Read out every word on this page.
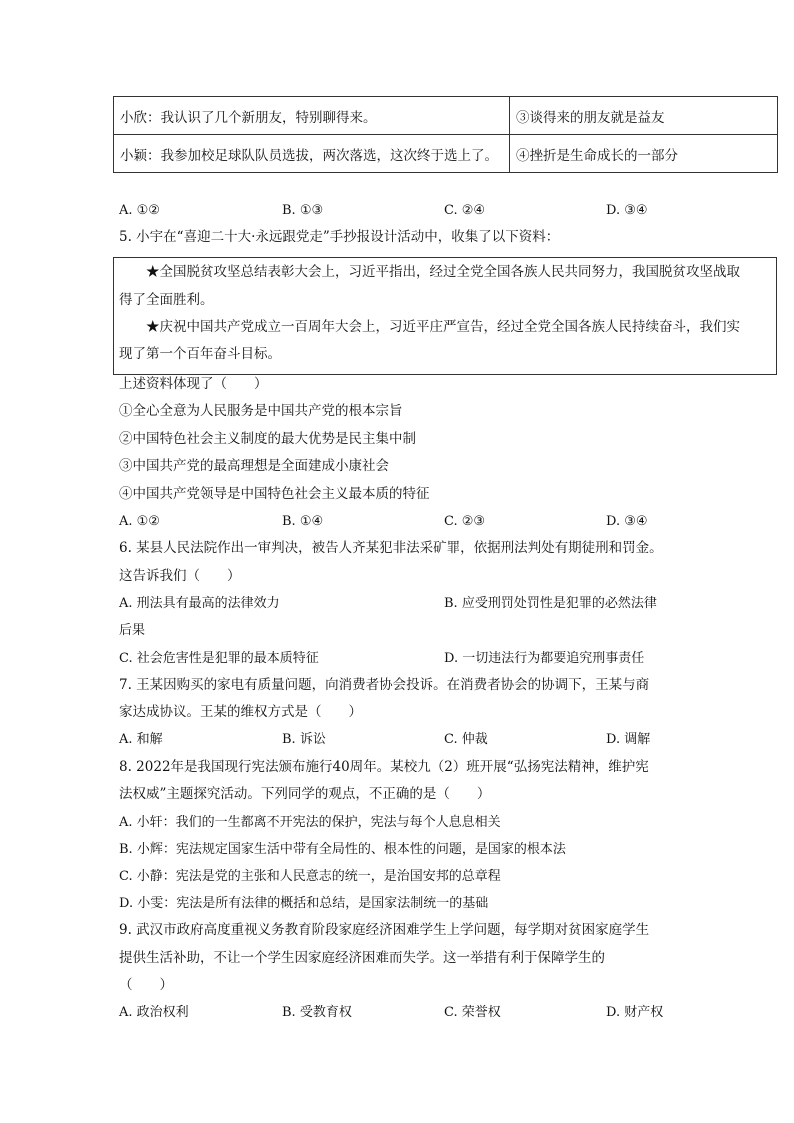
小欣：我认识了几个新朋友，特别聊得来。	③谈得来的朋友就是益友
小颖：我参加校足球队队员选拔，两次落选，这次终于选上了。	④挫折是生命成长的一部分
A. ①②	B. ①③	C. ②④	D. ③④
5. 小宇在“喜迎二十大·永远跟党走”手抄报设计活动中，收集了以下资料：
★全国脱贫攻坚总结表彰大会上，习近平指出，经过全党全国各族人民共同努力，我国脱贫攻坚战取
得了全面胜利。
★庆祝中国共产党成立一百周年大会上，习近平庄严宣告，经过全党全国各族人民持续奋斗，我们实
现了第一个百年奋斗目标。
上述资料体现了（　　）
①全心全意为人民服务是中国共产党的根本宗旨
②中国特色社会主义制度的最大优势是民主集中制
③中国共产党的最高理想是全面建成小康社会
④中国共产党领导是中国特色社会主义最本质的特征
A. ①②	B. ①④	C. ②③	D. ③④
6. 某县人民法院作出一审判决，被告人齐某犯非法采矿罪，依据刑法判处有期徒刑和罚金。
这告诉我们（　　）
A. 刑法具有最高的法律效力	B. 应受刑罚处罚性是犯罪的必然法律
后果
C. 社会危害性是犯罪的最本质特征	D. 一切违法行为都要追究刑事责任
7. 王某因购买的家电有质量问题，向消费者协会投诉。在消费者协会的协调下，王某与商
家达成协议。王某的维权方式是（　　）
A. 和解	B. 诉讼	C. 仲裁	D. 调解
8. 2022年是我国现行宪法颁布施行40周年。某校九（2）班开展“弘扬宪法精神，维护宪
法权威”主题探究活动。下列同学的观点，不正确的是（　　）
A. 小轩：我们的一生都离不开宪法的保护，宪法与每个人息息相关
B. 小辉：宪法规定国家生活中带有全局性的、根本性的问题，是国家的根本法
C. 小静：宪法是党的主张和人民意志的统一，是治国安邦的总章程
D. 小雯：宪法是所有法律的概括和总结，是国家法制统一的基础
9. 武汉市政府高度重视义务教育阶段家庭经济困难学生上学问题，每学期对贫困家庭学生
提供生活补助，不让一个学生因家庭经济困难而失学。这一举措有利于保障学生的
（　　）
A. 政治权利	B. 受教育权	C. 荣誉权	D. 财产权
